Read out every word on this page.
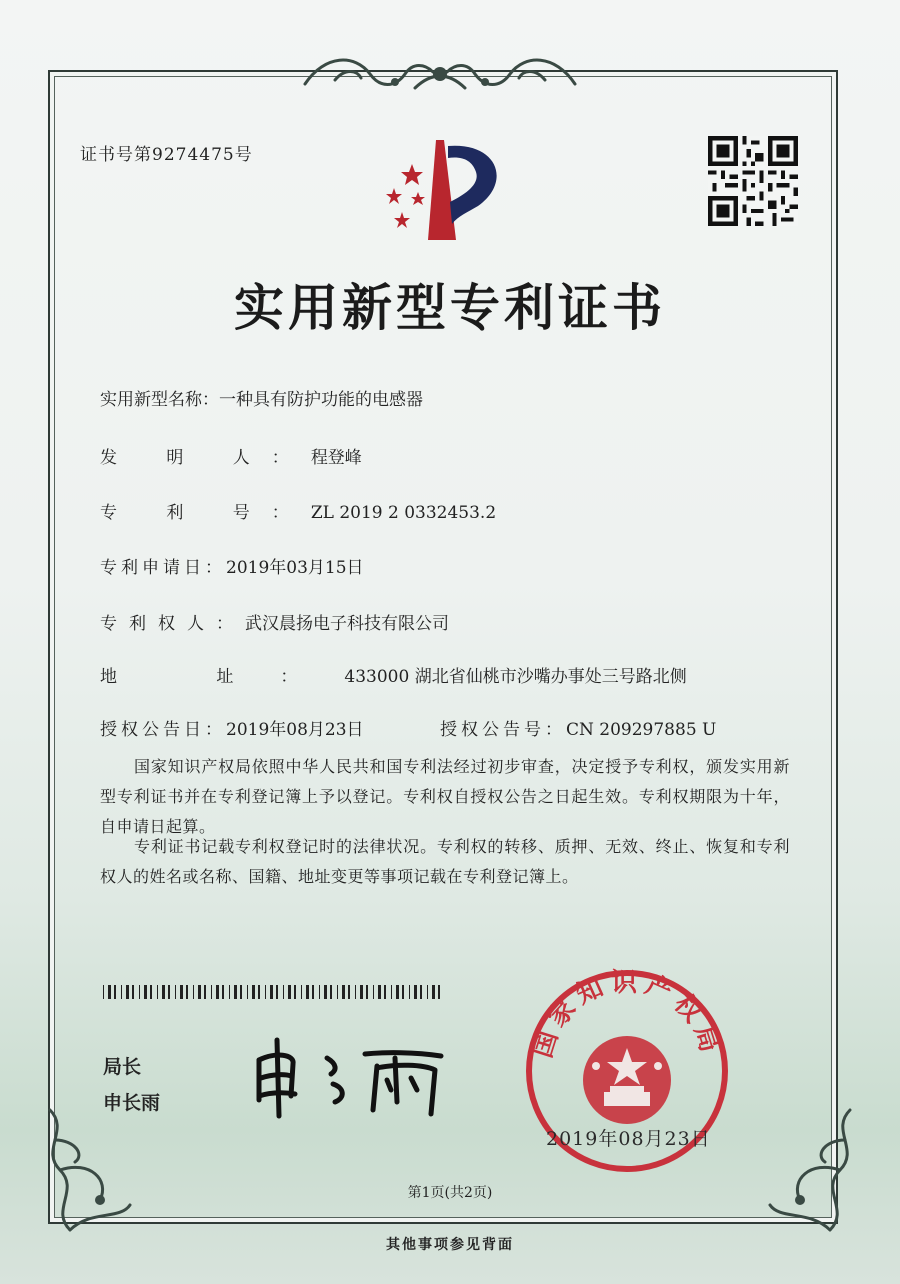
证书号第9274475号
实用新型专利证书
实用新型名称：一种具有防护功能的电感器
发 明 人：程登峰
专 利 号：ZL 2019 2 0332453.2
专利申请日：2019年03月15日
专利权人：武汉晨扬电子科技有限公司
地 址：433000 湖北省仙桃市沙嘴办事处三号路北侧
授权公告日：2019年08月23日	授权公告号：CN 209297885 U
国家知识产权局依照中华人民共和国专利法经过初步审查，决定授予专利权，颁发实用新型专利证书并在专利登记簿上予以登记。专利权自授权公告之日起生效。专利权期限为十年，自申请日起算。
专利证书记载专利权登记时的法律状况。专利权的转移、质押、无效、终止、恢复和专利权人的姓名或名称、国籍、地址变更等事项记载在专利登记簿上。
局长
申长雨
国家知识产权局
2019年08月23日
第1页(共2页)
其他事项参见背面
